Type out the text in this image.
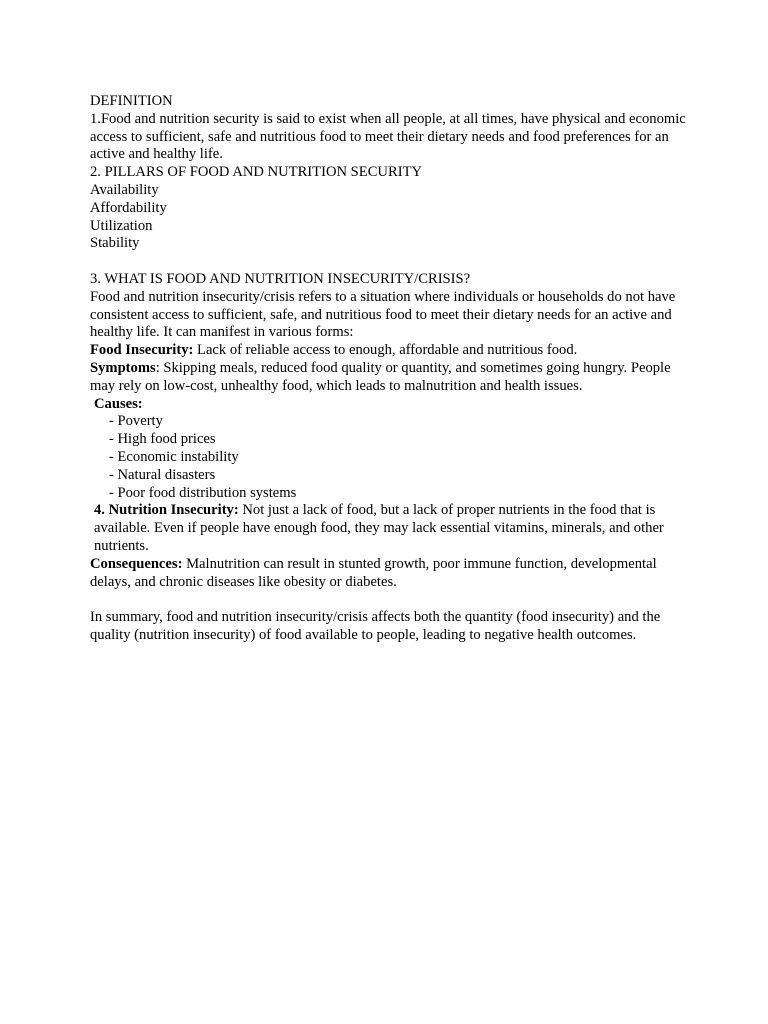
DEFINITION
1.Food and nutrition security is said to exist when all people, at all times, have physical and economic access to sufficient, safe and nutritious food to meet their dietary needs and food preferences for an active and healthy life.
2. PILLARS OF FOOD AND NUTRITION SECURITY
Availability
Affordability
Utilization
Stability
3. WHAT IS FOOD AND NUTRITION INSECURITY/CRISIS?
Food and nutrition insecurity/crisis refers to a situation where individuals or households do not have consistent access to sufficient, safe, and nutritious food to meet their dietary needs for an active and healthy life. It can manifest in various forms:
Food Insecurity: Lack of reliable access to enough, affordable and nutritious food.
Symptoms: Skipping meals, reduced food quality or quantity, and sometimes going hungry. People may rely on low-cost, unhealthy food, which leads to malnutrition and health issues.
Causes:
- Poverty
- High food prices
- Economic instability
- Natural disasters
- Poor food distribution systems
4. Nutrition Insecurity: Not just a lack of food, but a lack of proper nutrients in the food that is available. Even if people have enough food, they may lack essential vitamins, minerals, and other nutrients.
Consequences: Malnutrition can result in stunted growth, poor immune function, developmental delays, and chronic diseases like obesity or diabetes.
In summary, food and nutrition insecurity/crisis affects both the quantity (food insecurity) and the quality (nutrition insecurity) of food available to people, leading to negative health outcomes.
